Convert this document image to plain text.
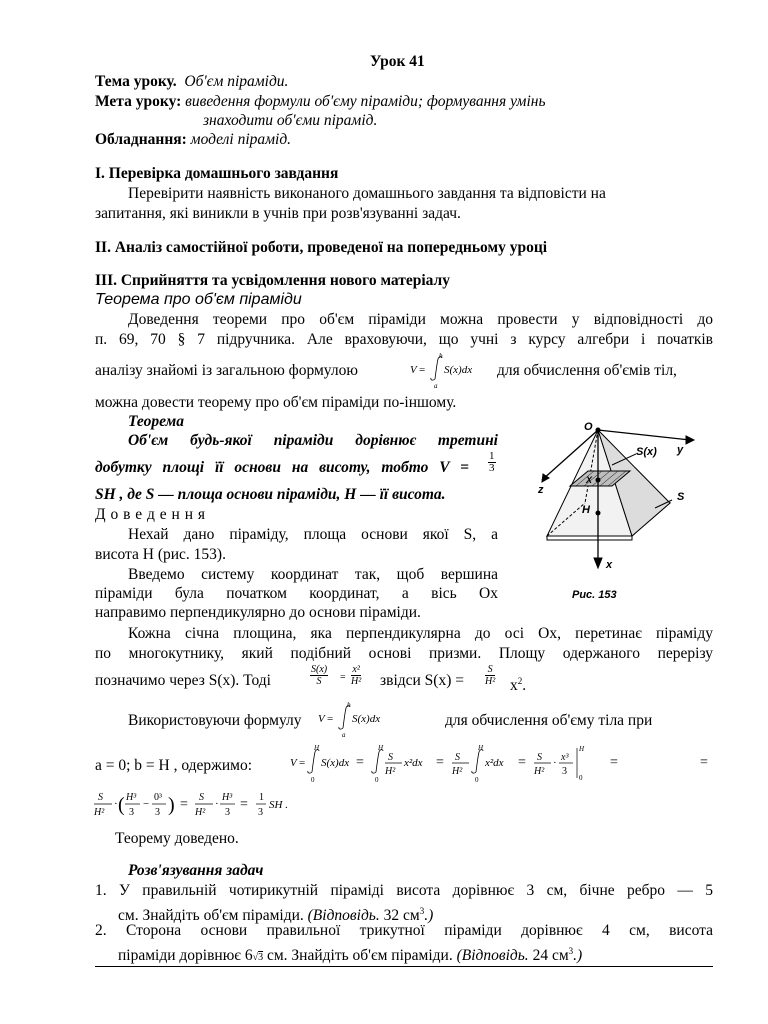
Урок 41
Тема уроку. Об'єм піраміди.
Мета уроку: виведення формули об'єму піраміди; формування умінь
знаходити об'єми пірамід.
Обладнання: моделі пірамід.
І. Перевірка домашнього завдання
Перевірити наявність виконаного домашнього завдання та відповісти на
запитання, які виникли в учнів при розв'язуванні задач.
II. Аналіз самостійної роботи, проведеної на попередньому уроці
III. Сприйняття та усвідомлення нового матеріалу
Теорема про об'єм піраміди
Доведення теореми про об'єм піраміди можна провести у відповідності до
п. 69, 70 § 7 підручника. Але враховуючи, що учні з курсу алгебри і початків
аналізу знайомі із загальною формулою	V =
b
a
S(x)dx для обчислення об'ємів тіл,
можна довести теорему про об'єм піраміди по-іншому.
Теорема
Об'єм будь-якої піраміди дорівнює третині
добутку площі її основи на висоту, тобто $V = \frac{1}{3}$
SH , де S — площа основи піраміди, H — її висота.
Д о в е д е н н я
Нехай дано піраміду, площа основи якої S, а
висота H (рис. 153).
Введемо систему координат так, щоб вершина
піраміди була початком координат, а вісь Ox
направимо перпендикулярно до основи піраміди.
Кожна січна площина, яка перпендикулярна до осі Ox, перетинає піраміду
по многокутнику, який подібний основі призми. Площу одержаного перерізу
позначимо через S(x). Тоді	$\frac{S(x)}{S} = \frac{\text{x²}}{\text{H²}}$ звідси $S(x) = \frac{S}{\text{H²}} x^2$.
Використовуючи формулу V =
b
a
S(x)dx	для обчислення об'єму тіла при
a = 0; b = H , одержимо:	V =
H
0
S(x)dx =
H
0
S
H²
x²dx = S
H²
H
0
x²dx = S
H²
· x³
3
H
0
=	=
S
H²
· ( H³
3
−
0³
3 ) = S
H²
·
H³
3
= 1
3
SH .
Теорему доведено.
O
y
z
x
S(x)
S
H
X
Рис. 153
Розв'язування задач
1. У правильній чотирикутній піраміді висота дорівнює 3 см, бічне ребро — 5
см. Знайдіть об'єм піраміди. (Відповідь. 32 $см^3$.)
2. Сторона основи правильної трикутної піраміди дорівнює 4 см, висота
піраміди дорівнює 6√3 см. Знайдіть об'єм піраміди. (Відповідь. 24 $см^3$.)
